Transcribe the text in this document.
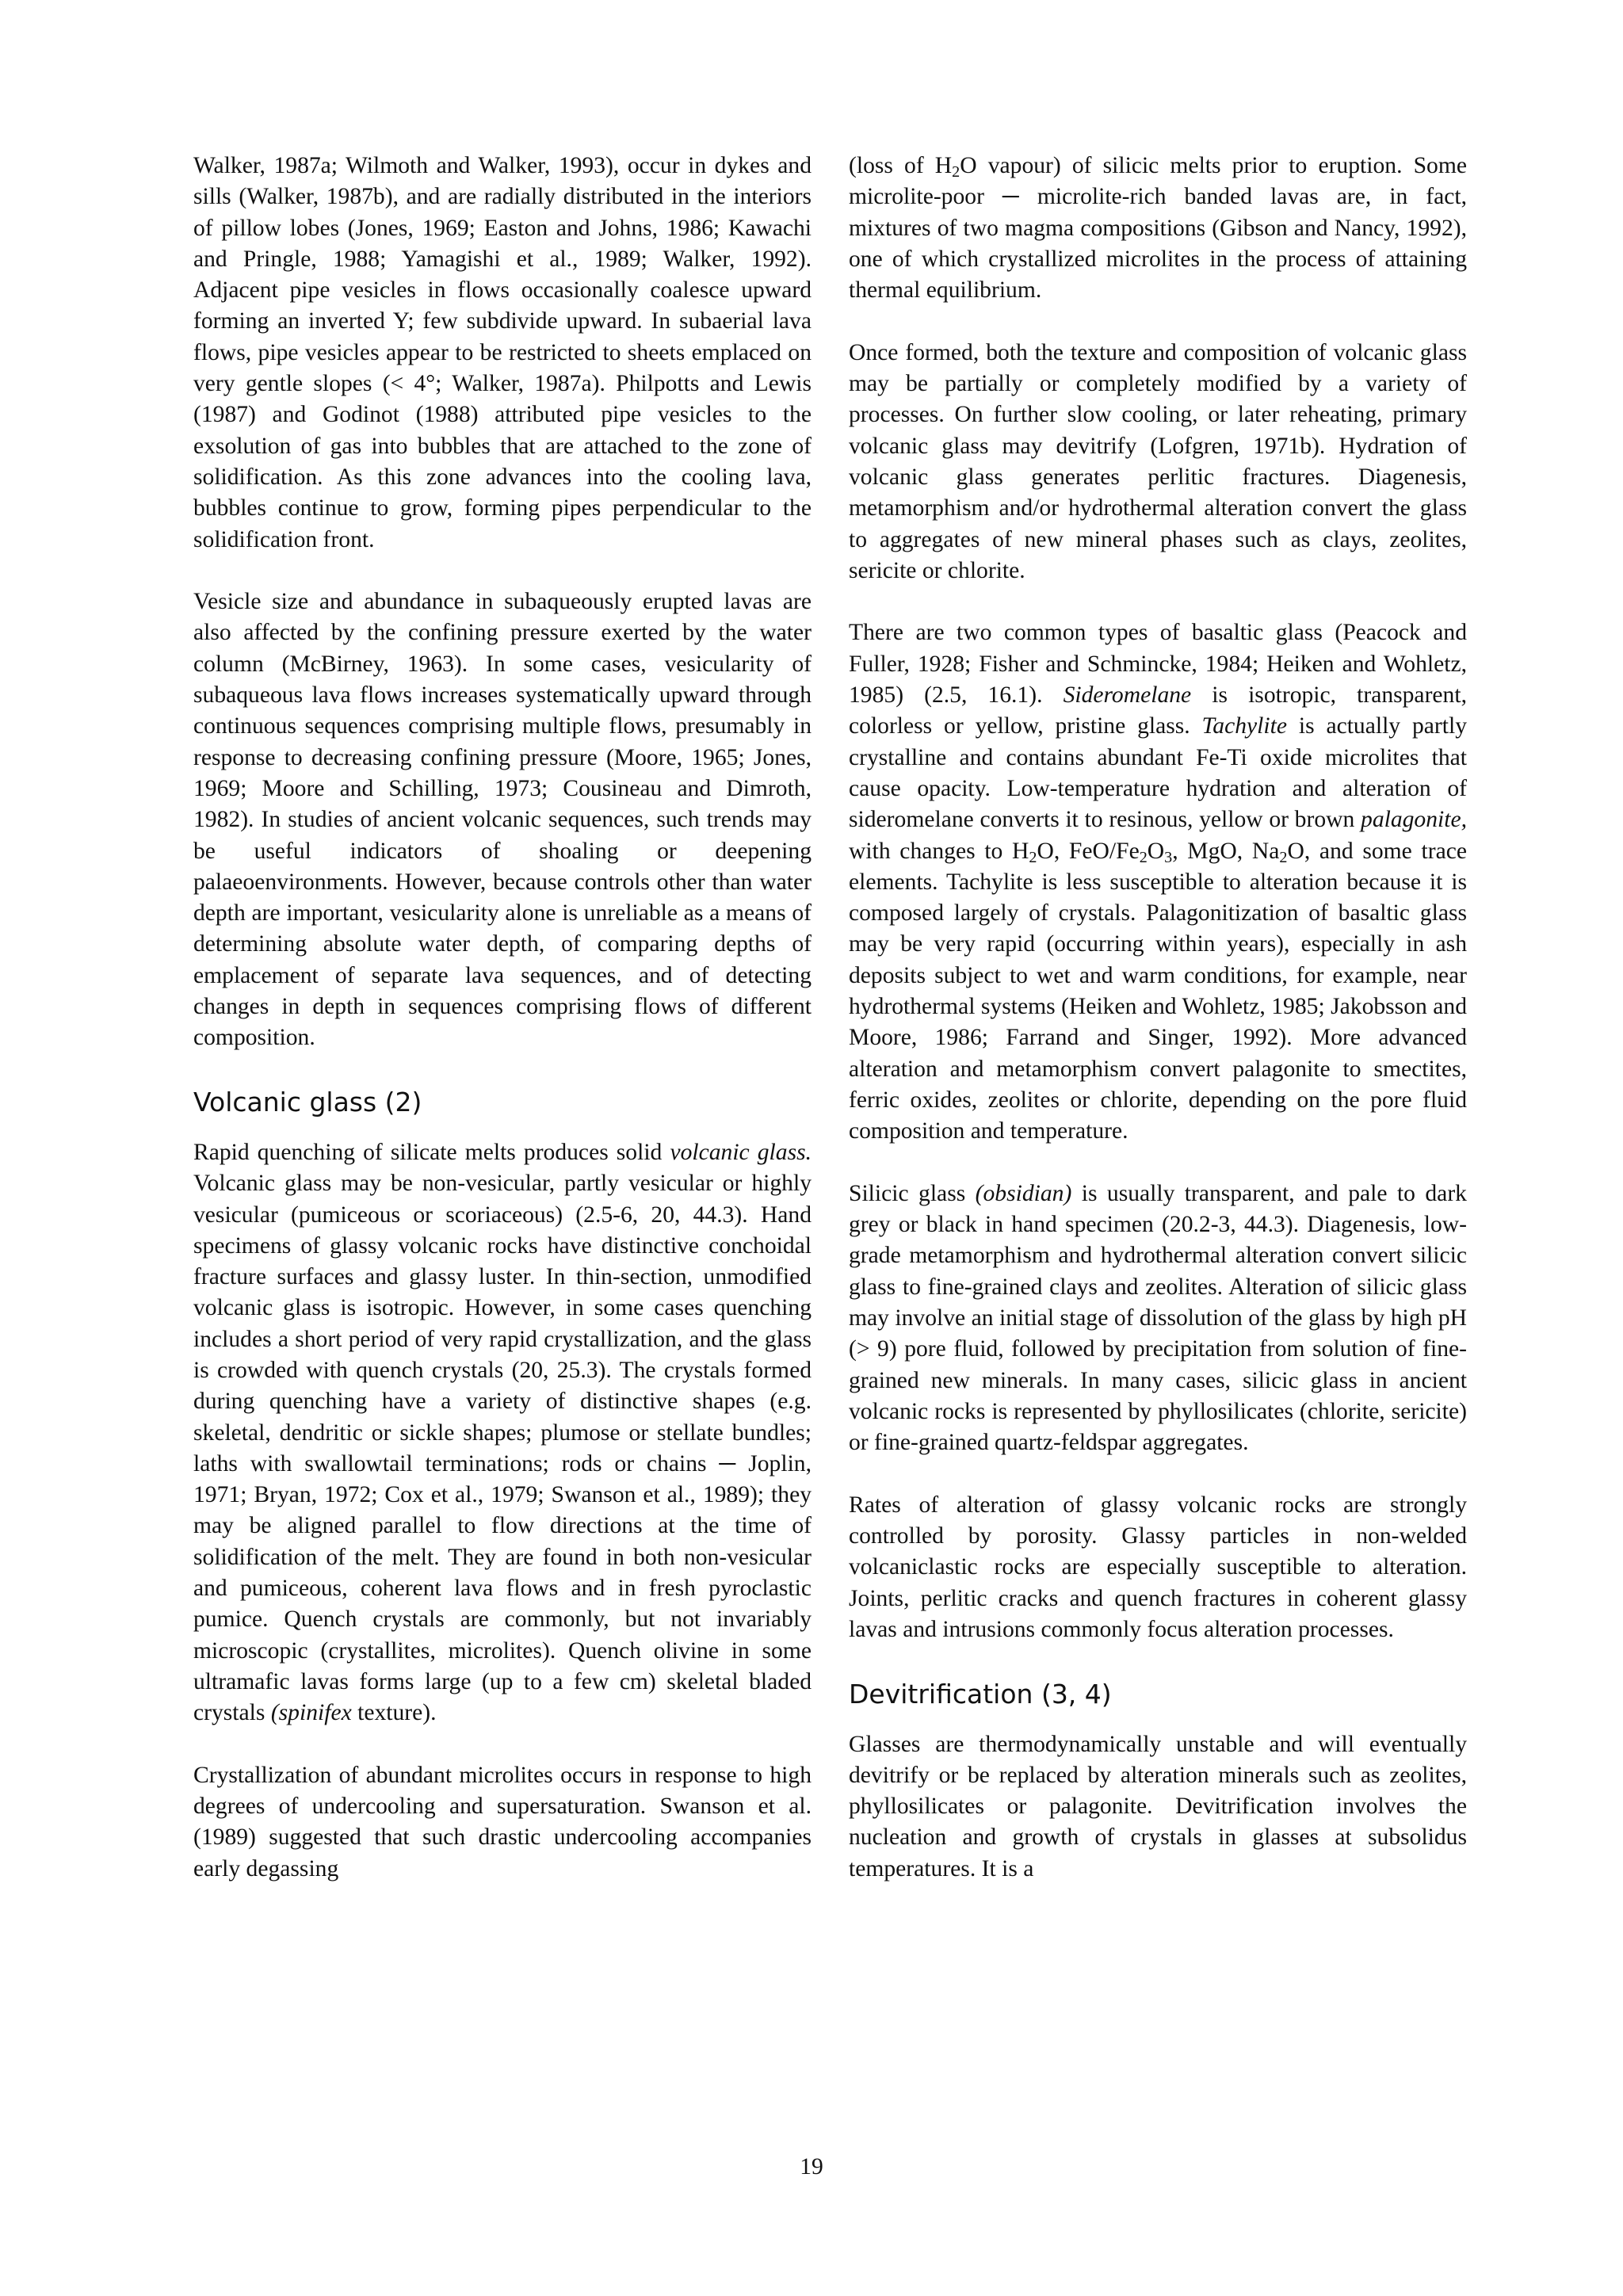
Walker, 1987a; Wilmoth and Walker, 1993), occur in dykes and sills (Walker, 1987b), and are radially distributed in the interiors of pillow lobes (Jones, 1969; Easton and Johns, 1986; Kawachi and Pringle, 1988; Yamagishi et al., 1989; Walker, 1992). Adjacent pipe vesicles in flows occasionally coalesce upward forming an inverted Y; few subdivide upward. In subaerial lava flows, pipe vesicles appear to be restricted to sheets emplaced on very gentle slopes (< 4°; Walker, 1987a). Philpotts and Lewis (1987) and Godinot (1988) attributed pipe vesicles to the exsolution of gas into bubbles that are attached to the zone of solidification. As this zone advances into the cooling lava, bubbles continue to grow, forming pipes perpendicular to the solidification front.

Vesicle size and abundance in subaqueously erupted lavas are also affected by the confining pressure exerted by the water column (McBirney, 1963). In some cases, vesicularity of subaqueous lava flows increases systematically upward through continuous sequences comprising multiple flows, presumably in response to decreasing confining pressure (Moore, 1965; Jones, 1969; Moore and Schilling, 1973; Cousineau and Dimroth, 1982). In studies of ancient volcanic sequences, such trends may be useful indicators of shoaling or deepening palaeoenvironments. However, because controls other than water depth are important, vesicularity alone is unreliable as a means of determining absolute water depth, of comparing depths of emplacement of separate lava sequences, and of detecting changes in depth in sequences comprising flows of different composition.

Volcanic glass (2)

Rapid quenching of silicate melts produces solid volcanic glass. Volcanic glass may be non-vesicular, partly vesicular or highly vesicular (pumiceous or scoriaceous) (2.5-6, 20, 44.3). Hand specimens of glassy volcanic rocks have distinctive conchoidal fracture surfaces and glassy luster. In thin-section, unmodified volcanic glass is isotropic. However, in some cases quenching includes a short period of very rapid crystallization, and the glass is crowded with quench crystals (20, 25.3). The crystals formed during quenching have a variety of distinctive shapes (e.g. skeletal, dendritic or sickle shapes; plumose or stellate bundles; laths with swallowtail terminations; rods or chains ─ Joplin, 1971; Bryan, 1972; Cox et al., 1979; Swanson et al., 1989); they may be aligned parallel to flow directions at the time of solidification of the melt. They are found in both non-vesicular and pumiceous, coherent lava flows and in fresh pyroclastic pumice. Quench crystals are commonly, but not invariably microscopic (crystallites, microlites). Quench olivine in some ultramafic lavas forms large (up to a few cm) skeletal bladed crystals (spinifex texture).

Crystallization of abundant microlites occurs in response to high degrees of undercooling and supersaturation. Swanson et al. (1989) suggested that such drastic undercooling accompanies early degassing

(loss of $H_2O$ vapour) of silicic melts prior to eruption. Some microlite-poor ─ microlite-rich banded lavas are, in fact, mixtures of two magma compositions (Gibson and Nancy, 1992), one of which crystallized microlites in the process of attaining thermal equilibrium.

Once formed, both the texture and composition of volcanic glass may be partially or completely modified by a variety of processes. On further slow cooling, or later reheating, primary volcanic glass may devitrify (Lofgren, 1971b). Hydration of volcanic glass generates perlitic fractures. Diagenesis, metamorphism and/or hydrothermal alteration convert the glass to aggregates of new mineral phases such as clays, zeolites, sericite or chlorite.

There are two common types of basaltic glass (Peacock and Fuller, 1928; Fisher and Schmincke, 1984; Heiken and Wohletz, 1985) (2.5, 16.1). Sideromelane is isotropic, transparent, colorless or yellow, pristine glass. Tachylite is actually partly crystalline and contains abundant Fe-Ti oxide microlites that cause opacity. Low-temperature hydration and alteration of sideromelane converts it to resinous, yellow or brown palagonite, with changes to $H_2O$, FeO/$Fe_2O_3$, MgO, $Na_2O$, and some trace elements. Tachylite is less susceptible to alteration because it is composed largely of crystals. Palagonitization of basaltic glass may be very rapid (occurring within years), especially in ash deposits subject to wet and warm conditions, for example, near hydrothermal systems (Heiken and Wohletz, 1985; Jakobsson and Moore, 1986; Farrand and Singer, 1992). More advanced alteration and metamorphism convert palagonite to smectites, ferric oxides, zeolites or chlorite, depending on the pore fluid composition and temperature.

Silicic glass (obsidian) is usually transparent, and pale to dark grey or black in hand specimen (20.2-3, 44.3). Diagenesis, low-grade metamorphism and hydrothermal alteration convert silicic glass to fine-grained clays and zeolites. Alteration of silicic glass may involve an initial stage of dissolution of the glass by high pH (> 9) pore fluid, followed by precipitation from solution of fine-grained new minerals. In many cases, silicic glass in ancient volcanic rocks is represented by phyllosilicates (chlorite, sericite) or fine-grained quartz-feldspar aggregates.

Rates of alteration of glassy volcanic rocks are strongly controlled by porosity. Glassy particles in non-welded volcaniclastic rocks are especially susceptible to alteration. Joints, perlitic cracks and quench fractures in coherent glassy lavas and intrusions commonly focus alteration processes.

Devitrification (3, 4)

Glasses are thermodynamically unstable and will eventually devitrify or be replaced by alteration minerals such as zeolites, phyllosilicates or palagonite. Devitrification involves the nucleation and growth of crystals in glasses at subsolidus temperatures. It is a

19
